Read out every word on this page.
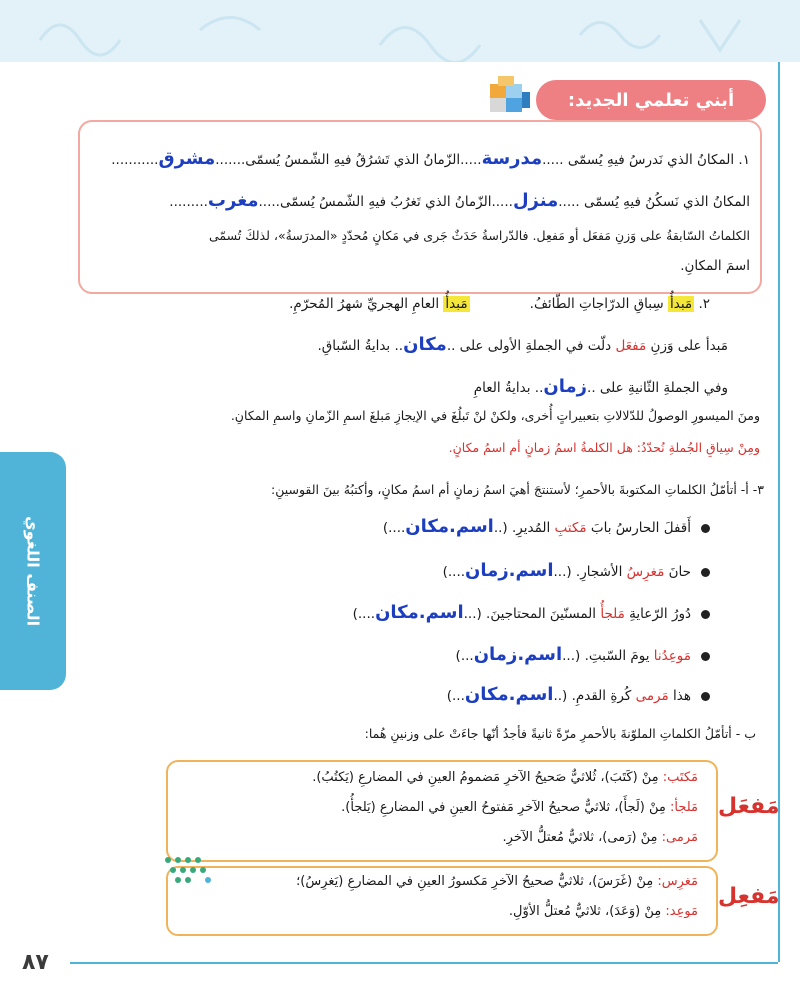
الصنف اللغوي
٨٧
أبني تعلمي الجديد:
١. المكانُ الذي نَدرسُ فيهِ يُسمّى .....مدرسة.....الزّمانُ الذي تَشرُقُ فيهِ الشّمسُ يُسمّى.......مشرق...........
المكانُ الذي نَسكُنُ فيهِ يُسمّى .....منزل.....الزّمانُ الذي تَغرُبُ فيهِ الشّمسُ يُسمّى.....مغرب.........
الكلماتُ السّابقةُ على وَزنِ مَفعَل أو مَفعِل. فالدّراسةُ حَدَثٌ جَرى في مَكانٍ مُحدّدٍ «المدرَسةُ»، لذلكَ تُسمّى
اسمَ المكانِ.
٢. مَبدأُ سِباقِ الدرّاجاتِ الطّائفُ.              مَبدأُ العامِ الهجريِّ شهرُ المُحرّمِ.
مَبدأ على وَزنِ مَفعَل دلّت في الجملةِ الأولى على ..مكان.. بدايةُ السّباقِ.
وفي الجملةِ الثّانيةِ على ..زمان.. بدايةُ العامِ
ومنَ الميسورِ الوصولُ للدّلالاتِ بتعبيراتٍ أُخرى، ولكنْ لنْ تَبلُغَ في الإيجازِ مَبلغَ اسمِ الزّمانِ واسمِ المكانِ.
ومِنْ سِياقِ الجُملةِ نُحدّدُ: هل الكلمةُ اسمُ زمانٍ أم اسمُ مكانٍ.
٣- أ- أتأمّلُ الكلماتِ المكتوبةَ بالأحمرِ؛ لأستنتجَ أهيَ اسمُ زمانٍ أم اسمُ مكانٍ، وأكتبُهُ بينَ القوسينِ:
أَقفلَ الحارسُ بابَ مَكتبِ المُديرِ. (..اسم.مكان....)
حانَ مَغرِسُ الأشجارِ. (...اسم.زمان....)
دُورُ الرّعايةِ مَلجأُ المسنّينَ المحتاجينَ. (...اسم.مكان....)
مَوعِدُنا يومَ السّبتِ. (...اسم.زمان...)
هذا مَرمى كُرةِ القدمِ. (..اسم.مكان...)
ب - أتأمّلُ الكلماتِ الملوّنةَ بالأحمرِ مرّةً ثانيةً فأجدُ أنّها جاءَتْ على وزنينِ هُما:
مَكتَب: مِنْ (كَتَبَ)، ثُلاثيٌّ صَحيحُ الآخرِ مَضمومُ العينِ في المضارعِ (يَكتُبُ).
مَلجأ: مِنْ (لَجأَ)، ثلاثيٌّ صحيحُ الآخرِ مَفتوحُ العينِ في المضارعِ (يَلجأُ).
مَرمى: مِنْ (رَمى)، ثلاثيٌّ مُعتلُّ الآخرِ.
مَفعَل
مَغرِس: مِنْ (غَرَسَ)، ثلاثيٌّ صحيحُ الآخرِ مَكسورُ العينِ في المضارعِ (يَغرِسُ)؛
مَوعِد: مِنْ (وَعَدَ)، ثلاثيٌّ مُعتلُّ الأوّلِ.
مَفعِل
